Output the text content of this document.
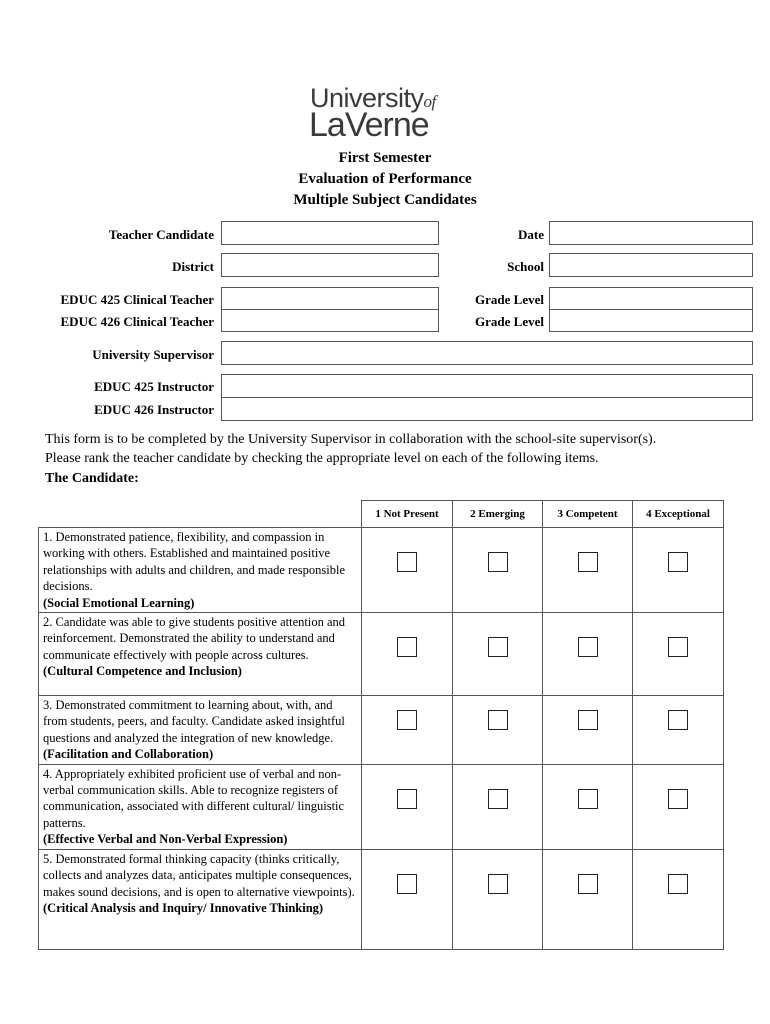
Universityof
LaVerne
First Semester
Evaluation of Performance
Multiple Subject Candidates
Teacher Candidate	Date
District	School
EDUC 425 Clinical Teacher	Grade Level
EDUC 426 Clinical Teacher	Grade Level
University Supervisor
EDUC 425 Instructor
EDUC 426 Instructor
This form is to be completed by the University Supervisor in collaboration with the school-site supervisor(s).
Please rank the teacher candidate by checking the appropriate level on each of the following items.
The Candidate:
	1 Not Present	2 Emerging	3 Competent	4 Exceptional
1. Demonstrated patience, flexibility, and compassion in working with others. Established and maintained positive relationships with adults and children, and made responsible decisions.
(Social Emotional Learning)				
2. Candidate was able to give students positive attention and reinforcement. Demonstrated the ability to understand and communicate effectively with people across cultures.
(Cultural Competence and Inclusion)				
3. Demonstrated commitment to learning about, with, and from students, peers, and faculty. Candidate asked insightful questions and analyzed the integration of new knowledge. (Facilitation and Collaboration)				
4. Appropriately exhibited proficient use of verbal and non-verbal communication skills. Able to recognize registers of communication, associated with different cultural/ linguistic patterns.
(Effective Verbal and Non-Verbal Expression)				
5. Demonstrated formal thinking capacity (thinks critically, collects and analyzes data, anticipates multiple consequences, makes sound decisions, and is open to alternative viewpoints).
(Critical Analysis and Inquiry/ Innovative Thinking)				
